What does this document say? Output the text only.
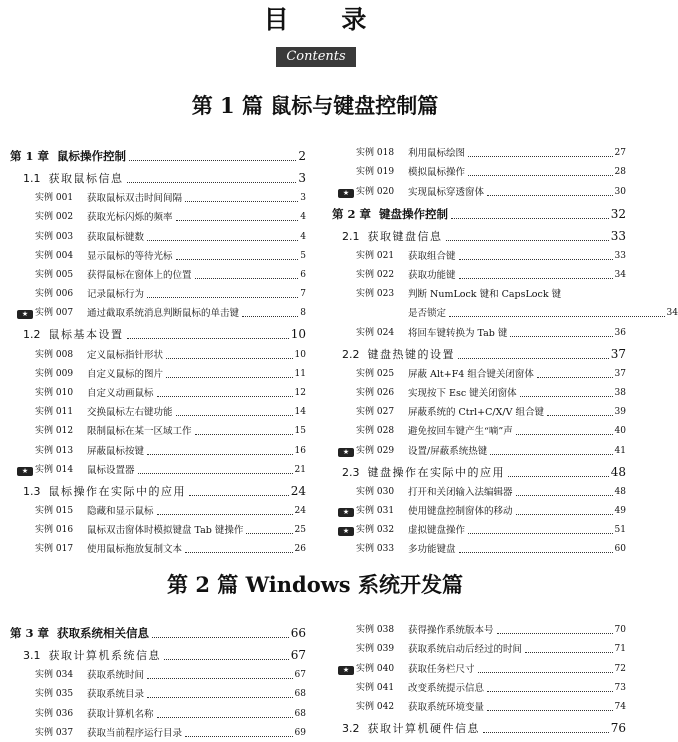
目 录
Contents
第 1 篇 鼠标与键盘控制篇
第 1 章 鼠标操作控制	2
1.1 获取鼠标信息	3
实例 001	获取鼠标双击时间间隔	3
实例 002	获取光标闪烁的频率	4
实例 003	获取鼠标键数	4
实例 004	显示鼠标的等待光标	5
实例 005	获得鼠标在窗体上的位置	6
实例 006	记录鼠标行为	7
★ 实例 007	通过截取系统消息判断鼠标的单击键	8
1.2 鼠标基本设置	10
实例 008	定义鼠标指针形状	10
实例 009	自定义鼠标的图片	11
实例 010	自定义动画鼠标	12
实例 011	交换鼠标左右键功能	14
实例 012	限制鼠标在某一区域工作	15
实例 013	屏蔽鼠标按键	16
★ 实例 014	鼠标设置器	21
1.3 鼠标操作在实际中的应用	24
实例 015	隐藏和显示鼠标	24
实例 016	鼠标双击窗体时模拟键盘 Tab 键操作	25
实例 017	使用鼠标拖放复制文本	26
实例 018	利用鼠标绘图	27
实例 019	模拟鼠标操作	28
★ 实例 020	实现鼠标穿透窗体	30
第 2 章 键盘操作控制	32
2.1 获取键盘信息	33
实例 021	获取组合键	33
实例 022	获取功能键	34
实例 023	判断 NumLock 键和 CapsLock 键
是否锁定	34
实例 024	将回车键转换为 Tab 键	36
2.2 键盘热键的设置	37
实例 025	屏蔽 Alt+F4 组合键关闭窗体	37
实例 026	实现按下 Esc 键关闭窗体	38
实例 027	屏蔽系统的 Ctrl+C/X/V 组合键	39
实例 028	避免按回车键产生“嘀”声	40
★ 实例 029	设置/屏蔽系统热键	41
2.3 键盘操作在实际中的应用	48
实例 030	打开和关闭输入法编辑器	48
★ 实例 031	使用键盘控制窗体的移动	49
★ 实例 032	虚拟键盘操作	51
实例 033	多功能键盘	60
第 2 篇 Windows 系统开发篇
第 3 章 获取系统相关信息	66
3.1 获取计算机系统信息	67
实例 034	获取系统时间	67
实例 035	获取系统目录	68
实例 036	获取计算机名称	68
实例 037	获取当前程序运行目录	69
实例 038	获得操作系统版本号	70
实例 039	获取系统启动后经过的时间	71
★ 实例 040	获取任务栏尺寸	72
实例 041	改变系统提示信息	73
实例 042	获取系统环境变量	74
3.2 获取计算机硬件信息	76
